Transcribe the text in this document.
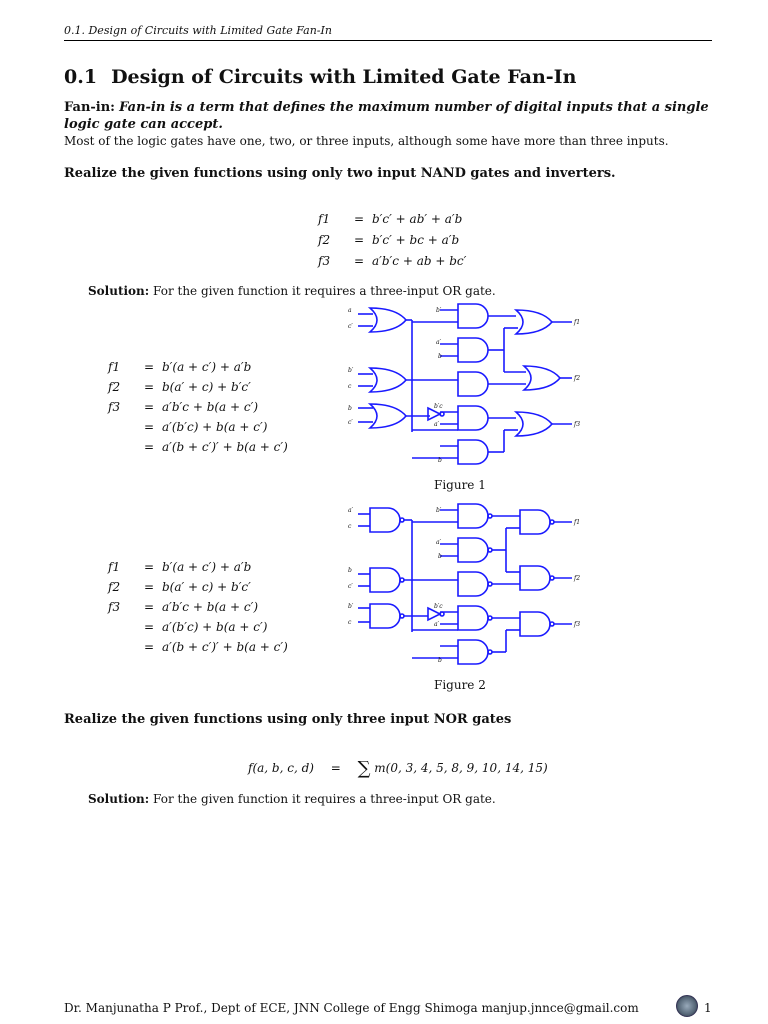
0.1. Design of Circuits with Limited Gate Fan-In
0.1 Design of Circuits with Limited Gate Fan-In
Fan-in: Fan-in is a term that defines the maximum number of digital inputs that a single logic gate can accept.
Most of the logic gates have one, two, or three inputs, although some have more than three inputs.
Realize the given functions using only two input NAND gates and inverters.
f1 = b′c′ + ab′ + a′b
f2 = b′c′ + bc + a′b
f3 = a′b′c + ab + bc′
Solution: For the given function it requires a three-input OR gate.
f1 = b′(a + c′) + a′b
f2 = b(a′ + c) + b′c′
f3 = a′b′c + b(a + c′)
= a′(b′c) + b(a + c′)
= a′(b + c′)′ + b(a + c′)
a
c′
b′
c
b
c′
b′
a′
b
b′c
a′
b
f1
f2
f3
Figure 1
f1 = b′(a + c′) + a′b
f2 = b(a′ + c) + b′c′
f3 = a′b′c + b(a + c′)
= a′(b′c) + b(a + c′)
= a′(b + c′)′ + b(a + c′)
a′
c
b
c′
b′
c
b′
a′
b
b′c
a′
b
f1
f2
f3
Figure 2
Realize the given functions using only three input NOR gates
f(a, b, c, d) = ∑ m(0, 3, 4, 5, 8, 9, 10, 14, 15)
Solution: For the given function it requires a three-input OR gate.
Dr. Manjunatha P Prof., Dept of ECE, JNN College of Engg Shimoga manjup.jnnce@gmail.com	1
